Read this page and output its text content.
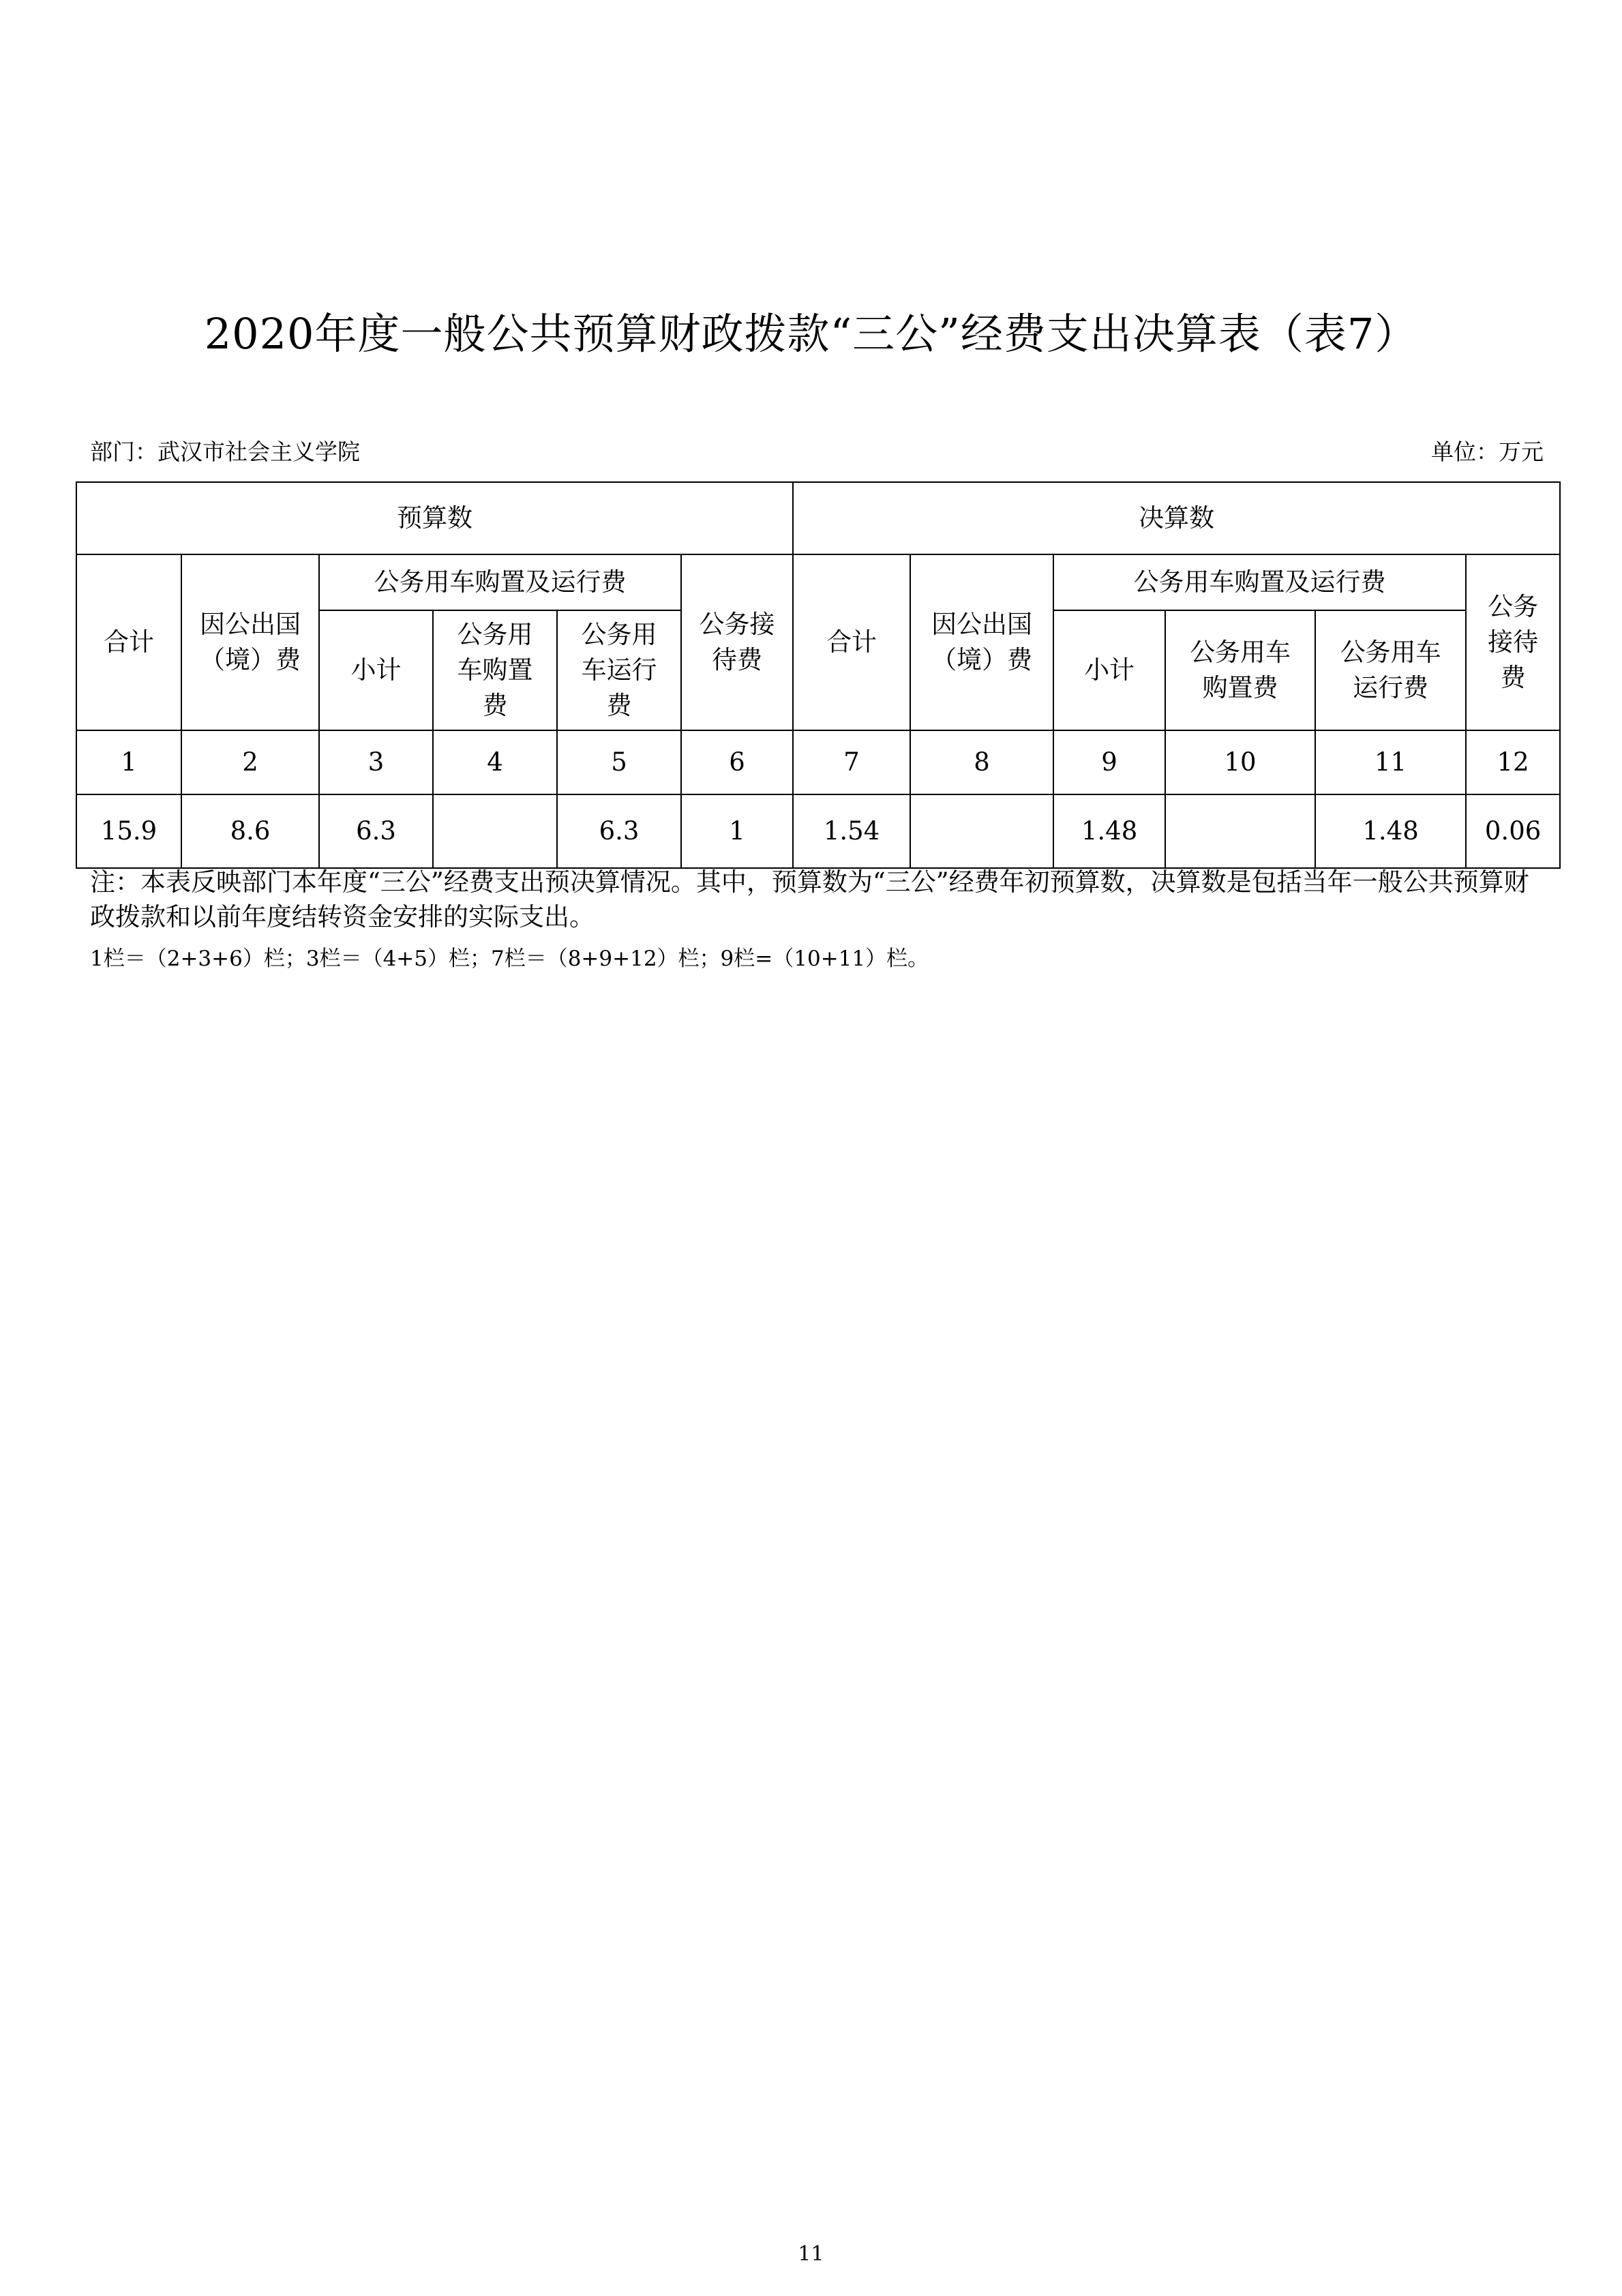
2020年度一般公共预算财政拨款“三公”经费支出决算表（表7）
部门：武汉市社会主义学院	单位：万元
预算数						决算数					
合计	因公出国（境）费	公务用车购置及运行费			公务接待费	合计	因公出国（境）费	公务用车购置及运行费			公务接待费
		小计	公务用车购置费	公务用车运行费				小计	公务用车购置费	公务用车运行费	
1	2	3	4	5	6	7	8	9	10	11	12
15.9	8.6	6.3		6.3	1	1.54		1.48		1.48	0.06
注：本表反映部门本年度“三公”经费支出预决算情况。其中，预算数为“三公”经费年初预算数，决算数是包括当年一般公共预算财政拨款和以前年度结转资金安排的实际支出。
1栏＝（2+3+6）栏；3栏＝（4+5）栏；7栏＝（8+9+12）栏；9栏=（10+11）栏。
11
